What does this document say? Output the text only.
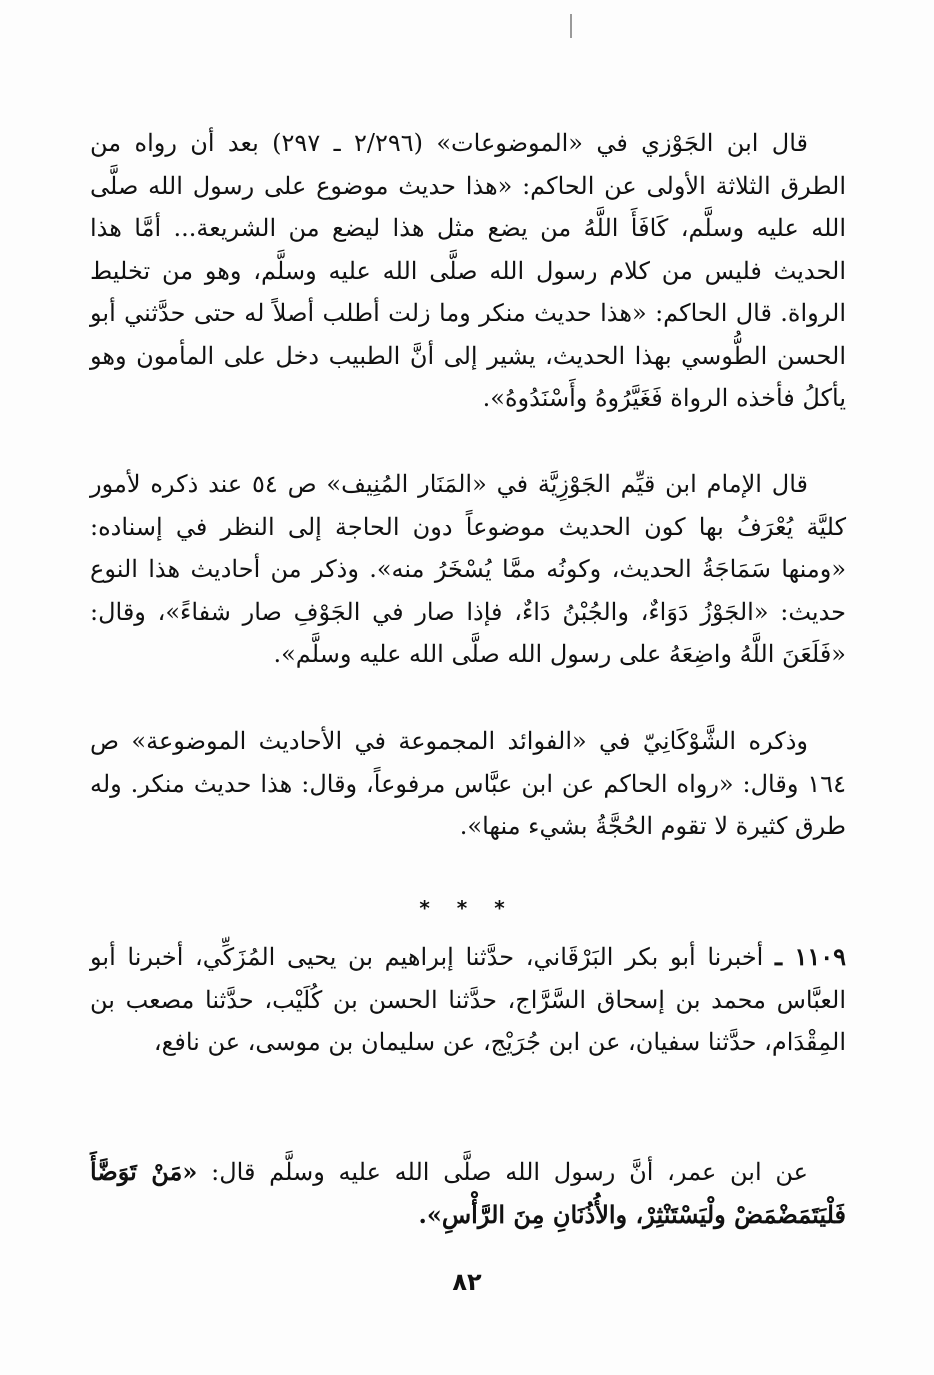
قال ابن الجَوْزي في «الموضوعات» (٢/٢٩٦ ـ ٢٩٧) بعد أن رواه من الطرق الثلاثة الأولى عن الحاكم: «هذا حديث موضوع على رسول الله صلَّى الله عليه وسلَّم، كَافَأَ اللَّهُ من يضع مثل هذا ليضع من الشريعة... أمَّا هذا الحديث فليس من كلام رسول الله صلَّى الله عليه وسلَّم، وهو من تخليط الرواة. قال الحاكم: «هذا حديث منكر وما زلت أطلب أصلاً له حتى حدَّثني أبو الحسن الطُّوسي بهذا الحديث، يشير إلى أنَّ الطبيب دخل على المأمون وهو يأكلُ فأخذه الرواة فَغَيَّرُوهُ وأَسْنَدُوهُ».

قال الإمام ابن قيِّم الجَوْزِيَّة في «المَنَار المُنِيف» ص ٥٤ عند ذكره لأمور كليَّة يُعْرَفُ بها كون الحديث موضوعاً دون الحاجة إلى النظر في إسناده: «ومنها سَمَاجَةُ الحديث، وكونُه ممَّا يُسْخَرُ منه». وذكر من أحاديث هذا النوع حديث: «الجَوْزُ دَوَاءٌ، والجُبْنُ دَاءٌ، فإذا صار في الجَوْفِ صار شفاءً»، وقال: «فَلَعَنَ اللَّهُ واضِعَهُ على رسول الله صلَّى الله عليه وسلَّم».

وذكره الشَّوْكَانِيّ في «الفوائد المجموعة في الأحاديث الموضوعة» ص ١٦٤ وقال: «رواه الحاكم عن ابن عبَّاس مرفوعاً، وقال: هذا حديث منكر. وله طرق كثيرة لا تقوم الحُجَّةُ بشيء منها».

* * *

١١٠٩ ـ أخبرنا أبو بكر البَرْقَاني، حدَّثنا إبراهيم بن يحيى المُزَكِّي، أخبرنا أبو العبَّاس محمد بن إسحاق السَّرَّاج، حدَّثنا الحسن بن كُلَيْب، حدَّثنا مصعب بن المِقْدَام، حدَّثنا سفيان، عن ابن جُرَيْج، عن سليمان بن موسى، عن نافع،

عن ابن عمر، أنَّ رسول الله صلَّى الله عليه وسلَّم قال: «مَنْ تَوَضَّأَ فَلْيَتَمَضْمَضْ ولْيَسْتَنْثِرْ، والأُذُنَانِ مِنَ الرَّأْسِ».

٨٢
